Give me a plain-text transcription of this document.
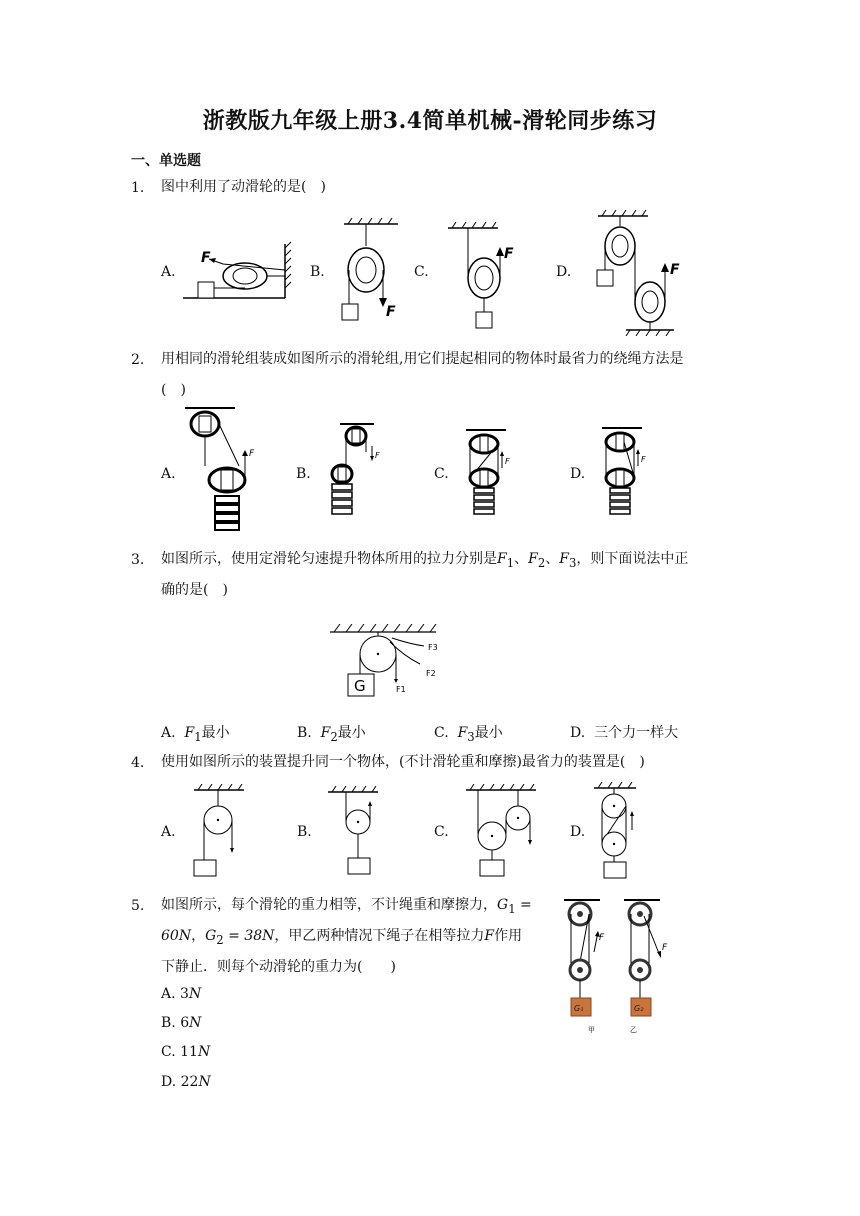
浙教版九年级上册3.4简单机械-滑轮同步练习
一、单选题
1. 图中利用了动滑轮的是( )
A.
F
B.
F
C.
F
D.	F
2. 用相同的滑轮组装成如图所示的滑轮组,用它们提起相同的物体时最省力的绕绳方法是
( )
A.
F
B.
F
C.
F
D.
F
3. 如图所示，使用定滑轮匀速提升物体所用的拉力分别是$F_1$、$F_2$、$F_3$，则下面说法中正
确的是( )
G
F3
F2
F1
A. $F_1$最小	B. $F_2$最小	C. $F_3$最小	D. 三个力一样大
4. 使用如图所示的装置提升同一个物体，(不计滑轮重和摩擦)最省力的装置是( )
A.	B.	C.	D.
5. 如图所示，每个滑轮的重力相等，不计绳重和摩擦力，$G_1$ =
60N，$G_2 = 38N$，甲乙两种情况下绳子在相等拉力F作用
下静止．则每个动滑轮的重力为(  )
A. 3N
B. 6N
C. 11N
D. 22N
F
G₁
甲
F
G₂
乙
